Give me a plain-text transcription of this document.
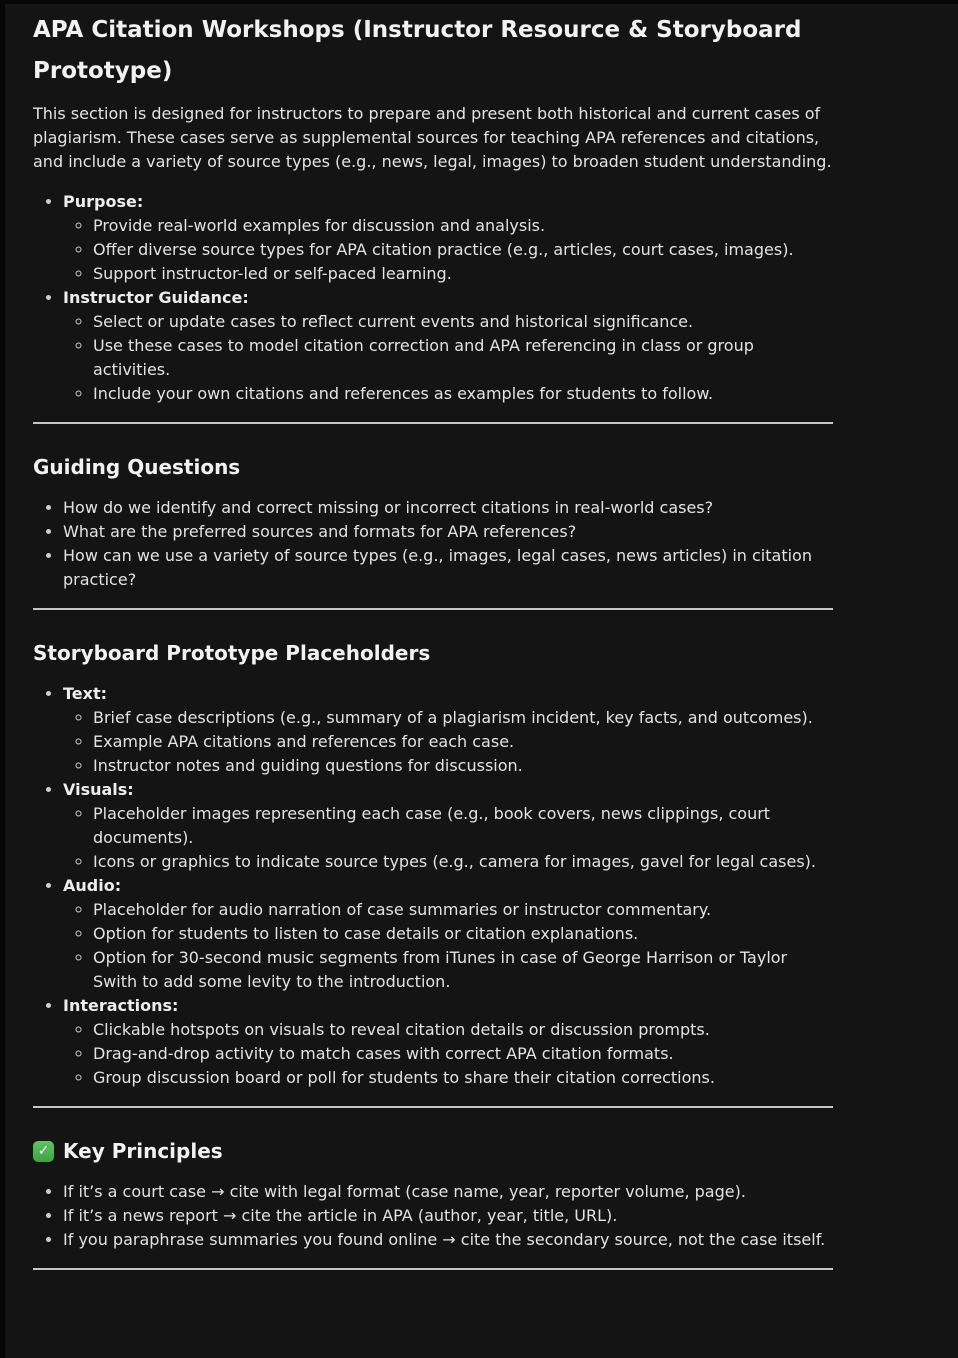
APA Citation Workshops (Instructor Resource & Storyboard Prototype)

This section is designed for instructors to prepare and present both historical and current cases of plagiarism. These cases serve as supplemental sources for teaching APA references and citations, and include a variety of source types (e.g., news, legal, images) to broaden student understanding.

• Purpose:
◦ Provide real-world examples for discussion and analysis.
◦ Offer diverse source types for APA citation practice (e.g., articles, court cases, images).
◦ Support instructor-led or self-paced learning.
• Instructor Guidance:
◦ Select or update cases to reflect current events and historical significance.
◦ Use these cases to model citation correction and APA referencing in class or group activities.
◦ Include your own citations and references as examples for students to follow.
Guiding Questions
• How do we identify and correct missing or incorrect citations in real-world cases?
• What are the preferred sources and formats for APA references?
• How can we use a variety of source types (e.g., images, legal cases, news articles) in citation practice?
Storyboard Prototype Placeholders
• Text:
◦ Brief case descriptions (e.g., summary of a plagiarism incident, key facts, and outcomes).
◦ Example APA citations and references for each case.
◦ Instructor notes and guiding questions for discussion.
• Visuals:
◦ Placeholder images representing each case (e.g., book covers, news clippings, court documents).
◦ Icons or graphics to indicate source types (e.g., camera for images, gavel for legal cases).
• Audio:
◦ Placeholder for audio narration of case summaries or instructor commentary.
◦ Option for students to listen to case details or citation explanations.
◦ Option for 30-second music segments from iTunes in case of George Harrison or Taylor Swith to add some levity to the introduction.
• Interactions:
◦ Clickable hotspots on visuals to reveal citation details or discussion prompts.
◦ Drag-and-drop activity to match cases with correct APA citation formats.
◦ Group discussion board or poll for students to share their citation corrections.
✓ Key Principles
• If it’s a court case → cite with legal format (case name, year, reporter volume, page).
• If it’s a news report → cite the article in APA (author, year, title, URL).
• If you paraphrase summaries you found online → cite the secondary source, not the case itself.
